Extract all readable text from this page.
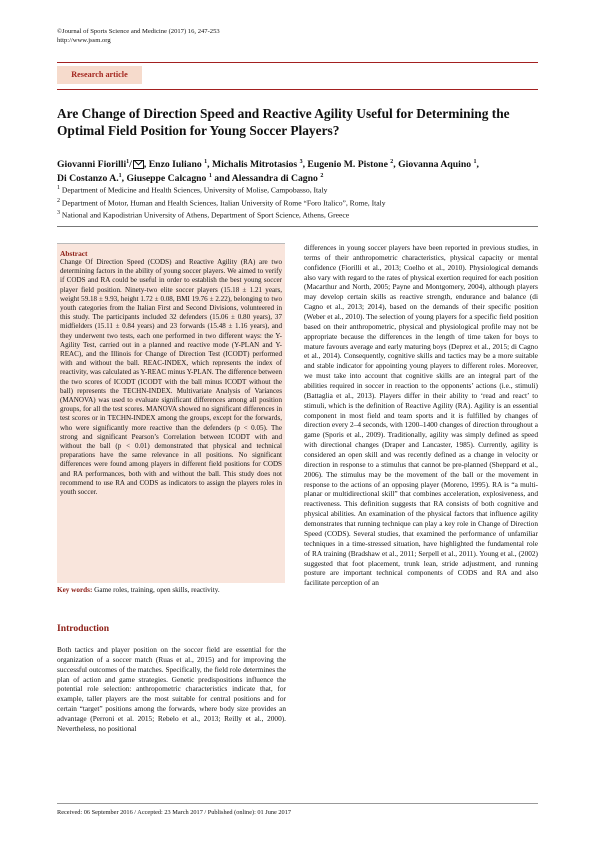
©Journal of Sports Science and Medicine (2017) 16, 247-253
http://www.jssm.org
Research article
Are Change of Direction Speed and Reactive Agility Useful for Determining the Optimal Field Position for Young Soccer Players?
Giovanni Fiorilli$^1$/ , Enzo Iuliano $^1$, Michalis Mitrotasios $^3$, Eugenio M. Pistone $^2$, Giovanna Aquino $^1$,
Di Costanzo A.$^1$, Giuseppe Calcagno $^1$ and Alessandra di Cagno $^2$
$^1$ Department of Medicine and Health Sciences, University of Molise, Campobasso, Italy
$^2$ Department of Motor, Human and Health Sciences, Italian University of Rome “Foro Italico”, Rome, Italy
$^3$ National and Kapodistrian University of Athens, Department of Sport Science, Athens, Greece
Abstract

Change Of Direction Speed (CODS) and Reactive Agility (RA) are two determining factors in the ability of young soccer players. We aimed to verify if CODS and RA could be useful in order to establish the best young soccer player field position. Ninety-two elite soccer players (15.18 ± 1.21 years, weight 59.18 ± 9.93, height 1.72 ± 0.08, BMI 19.76 ± 2.22), belonging to two youth categories from the Italian First and Second Divisions, volunteered in this study. The participants included 32 defenders (15.06 ± 0.80 years), 37 midfielders (15.11 ± 0.84 years) and 23 forwards (15.48 ± 1.16 years), and they underwent two tests, each one performed in two different ways: the Y-Agility Test, carried out in a planned and reactive mode (Y-PLAN and Y-REAC), and the Illinois for Change of Direction Test (ICODT) performed with and without the ball. REAC-INDEX, which represents the index of reactivity, was calculated as Y-REAC minus Y-PLAN. The difference between the two scores of ICODT (ICODT with the ball minus ICODT without the ball) represents the TECHN-INDEX. Multivariate Analysis of Variances (MANOVA) was used to evaluate significant differences among all position groups, for all the test scores. MANOVA showed no significant differences in test scores or in TECHN-INDEX among the groups, except for the forwards, who were significantly more reactive than the defenders (p < 0.05). The strong and significant Pearson’s Correlation between ICODT with and without the ball (p < 0.01) demonstrated that physical and technical preparations have the same relevance in all positions. No significant differences were found among players in different field positions for CODS and RA performances, both with and without the ball. This study does not recommend to use RA and CODS as indicators to assign the players roles in youth soccer.

Key words: Game roles, training, open skills, reactivity.
Introduction

Both tactics and player position on the soccer field are essential for the organization of a soccer match (Ruas et al., 2015) and for improving the successful outcomes of the matches. Specifically, the field role determines the plan of action and game strategies. Genetic predispositions influence the potential role selection: anthropometric characteristics indicate that, for example, taller players are the most suitable for central positions and for certain “target” positions among the forwards, where body size provides an advantage (Perroni et al. 2015; Rebelo et al., 2013; Reilly et al., 2000). Nevertheless, no positional

differences in young soccer players have been reported in previous studies, in terms of their anthropometric characteristics, physical capacity or mental confidence (Fiorilli et al., 2013; Coelho et al., 2010). Physiological demands also vary with regard to the rates of physical exertion required for each position (Macarthur and North, 2005; Payne and Montgomery, 2004), although players may develop certain skills as reactive strength, endurance and balance (di Cagno et al., 2013; 2014), based on the demands of their specific position (Weber et al., 2010). The selection of young players for a specific field position based on their anthropometric, physical and physiological profile may not be appropriate because the differences in the length of time taken for boys to mature favours average and early maturing boys (Deprez et al., 2015; di Cagno et al., 2014). Consequently, cognitive skills and tactics may be a more suitable and stable indicator for appointing young players to different roles. Moreover, we must take into account that cognitive skills are an integral part of the abilities required in soccer in reaction to the opponents’ actions (i.e., stimuli) (Battaglia et al., 2013). Players differ in their ability to ‘read and react’ to stimuli, which is the definition of Reactive Agility (RA). Agility is an essential component in most field and team sports and it is fulfilled by changes of direction every 2–4 seconds, with 1200–1400 changes of direction throughout a game (Sporis et al., 2009). Traditionally, agility was simply defined as speed with directional changes (Draper and Lancaster, 1985). Currently, agility is considered an open skill and was recently defined as a change in velocity or direction in response to a stimulus that cannot be pre-planned (Sheppard et al., 2006). The stimulus may be the movement of the ball or the movement in response to the actions of an opposing player (Moreno, 1995). RA is “a multi-planar or multidirectional skill” that combines acceleration, explosiveness, and reactiveness. This definition suggests that RA consists of both cognitive and physical abilities. An examination of the physical factors that influence agility demonstrates that running technique can play a key role in Change of Direction Speed (CODS). Several studies, that examined the performance of unfamiliar techniques in a time-stressed situation, have highlighted the fundamental role of RA training (Bradshaw et al., 2011; Serpell et al., 2011). Young et al., (2002) suggested that foot placement, trunk lean, stride adjustment, and running posture are important technical components of CODS and RA and also facilitate perception of an

Received: 06 September 2016 / Accepted: 23 March 2017 / Published (online): 01 June 2017
